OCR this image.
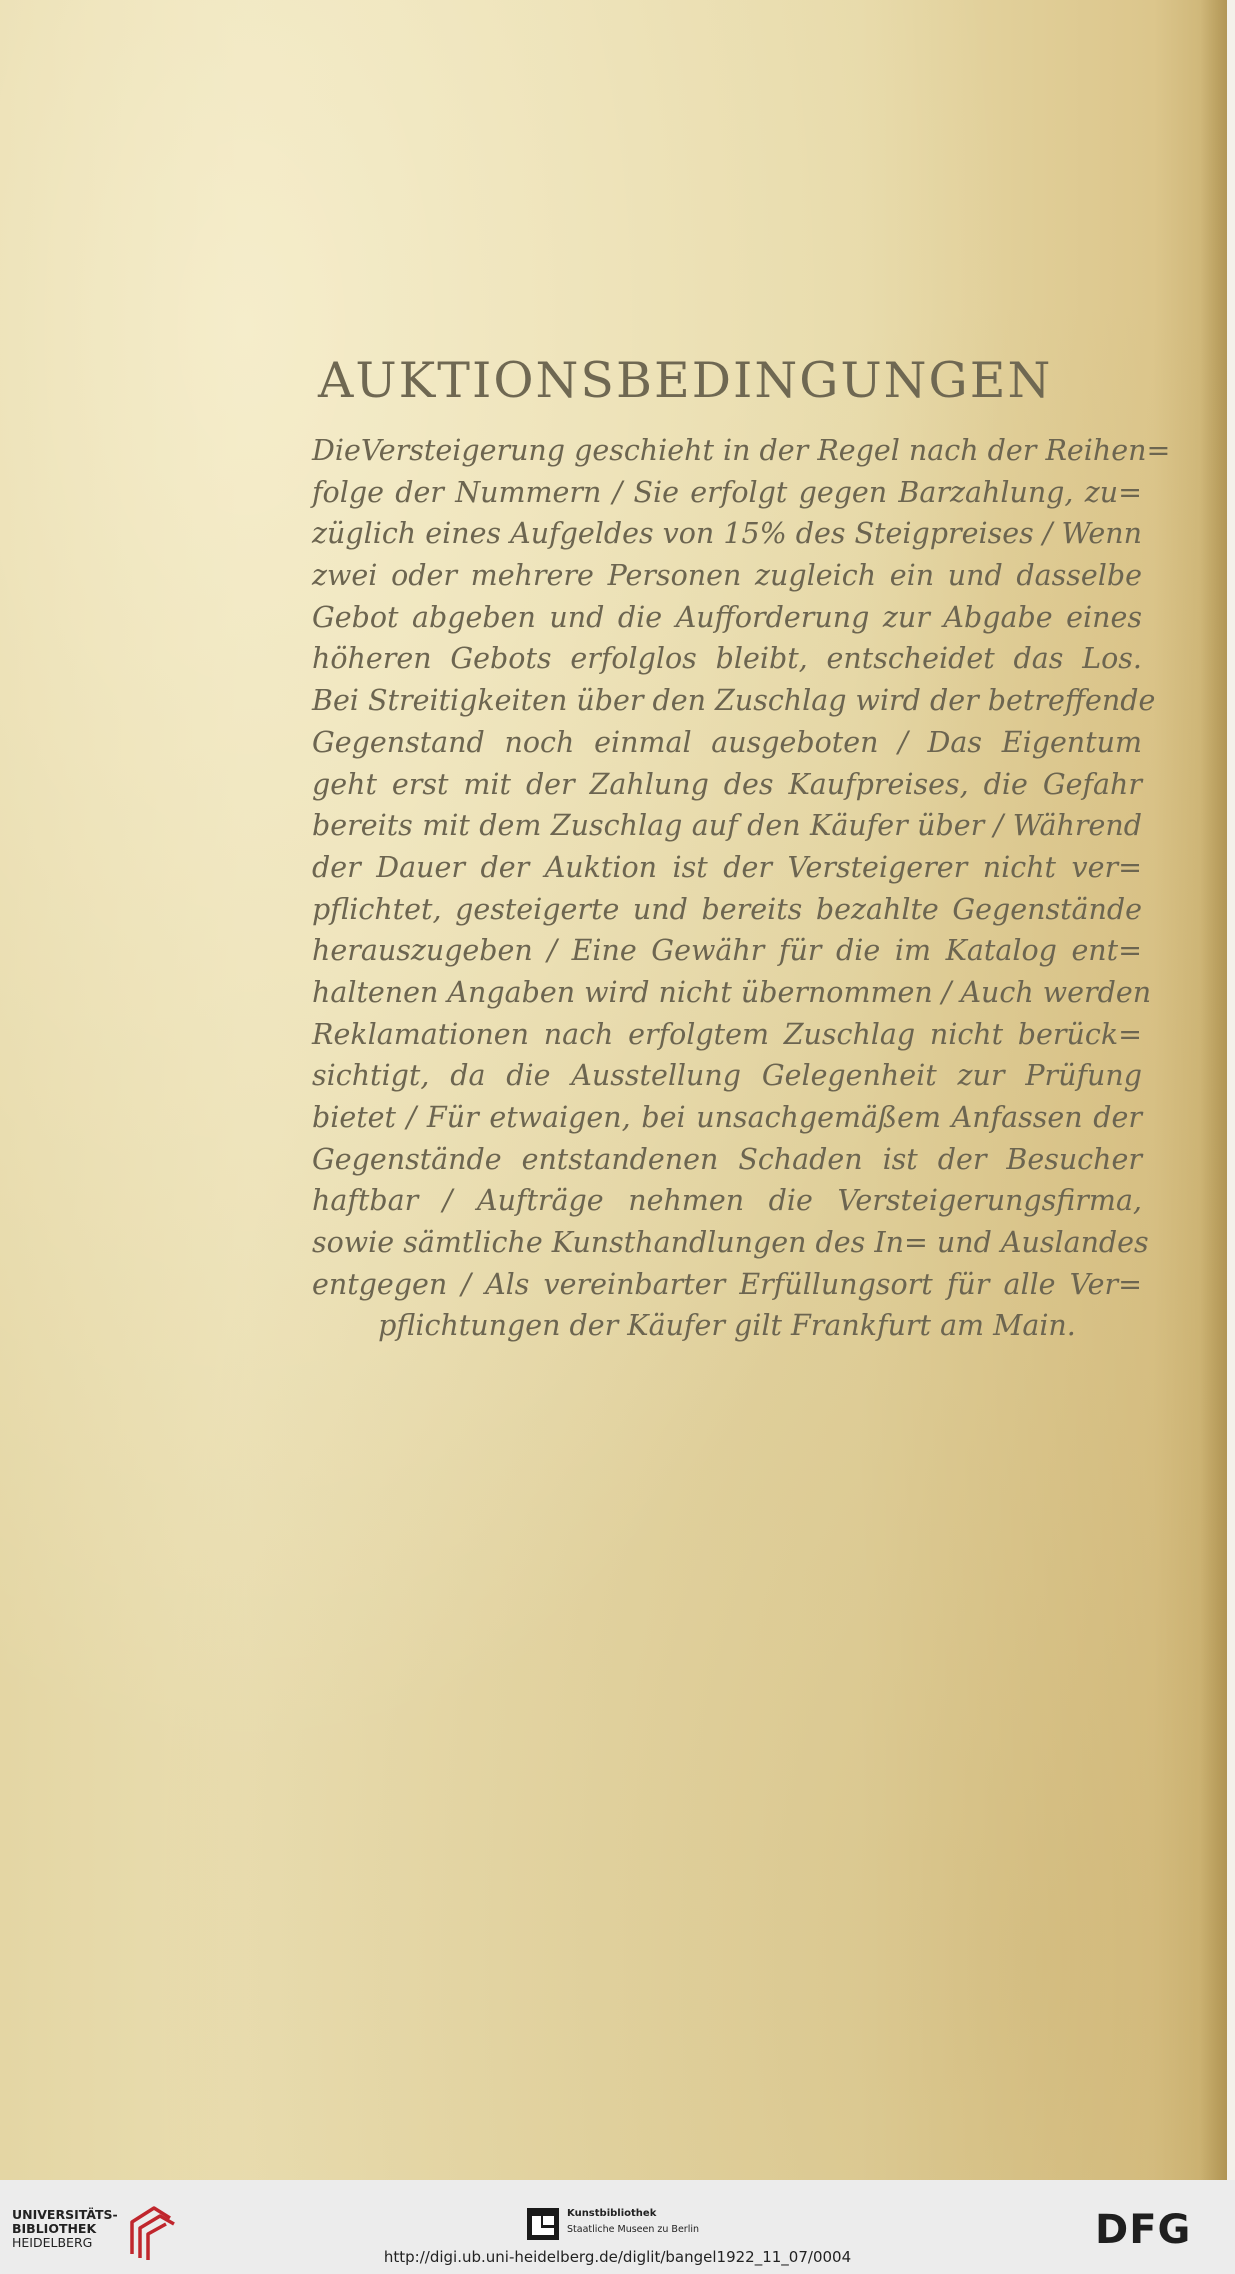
AUKTIONSBEDINGUNGEN
DieVersteigerung geschieht in der Regel nach der Reihen=
folge der Nummern / Sie erfolgt gegen Barzahlung, zu=
züglich eines Aufgeldes von 15% des Steigpreises / Wenn
zwei oder mehrere Personen zugleich ein und dasselbe
Gebot abgeben und die Aufforderung zur Abgabe eines
höheren Gebots erfolglos bleibt, entscheidet das Los.
Bei Streitigkeiten über den Zuschlag wird der betreffende
Gegenstand noch einmal ausgeboten / Das Eigentum
geht erst mit der Zahlung des Kaufpreises, die Gefahr
bereits mit dem Zuschlag auf den Käufer über / Während
der Dauer der Auktion ist der Versteigerer nicht ver=
pflichtet, gesteigerte und bereits bezahlte Gegenstände
herauszugeben / Eine Gewähr für die im Katalog ent=
haltenen Angaben wird nicht übernommen / Auch werden
Reklamationen nach erfolgtem Zuschlag nicht berück=
sichtigt, da die Ausstellung Gelegenheit zur Prüfung
bietet / Für etwaigen, bei unsachgemäßem Anfassen der
Gegenstände entstandenen Schaden ist der Besucher
haftbar / Aufträge nehmen die Versteigerungsfirma,
sowie sämtliche Kunsthandlungen des In= und Auslandes
entgegen / Als vereinbarter Erfüllungsort für alle Ver=
pflichtungen der Käufer gilt Frankfurt am Main.
UNIVERSITÄTS-
BIBLIOTHEK
HEIDELBERG
Kunstbibliothek
Staatliche Museen zu Berlin	DFG
http://digi.ub.uni-heidelberg.de/diglit/bangel1922_11_07/0004
